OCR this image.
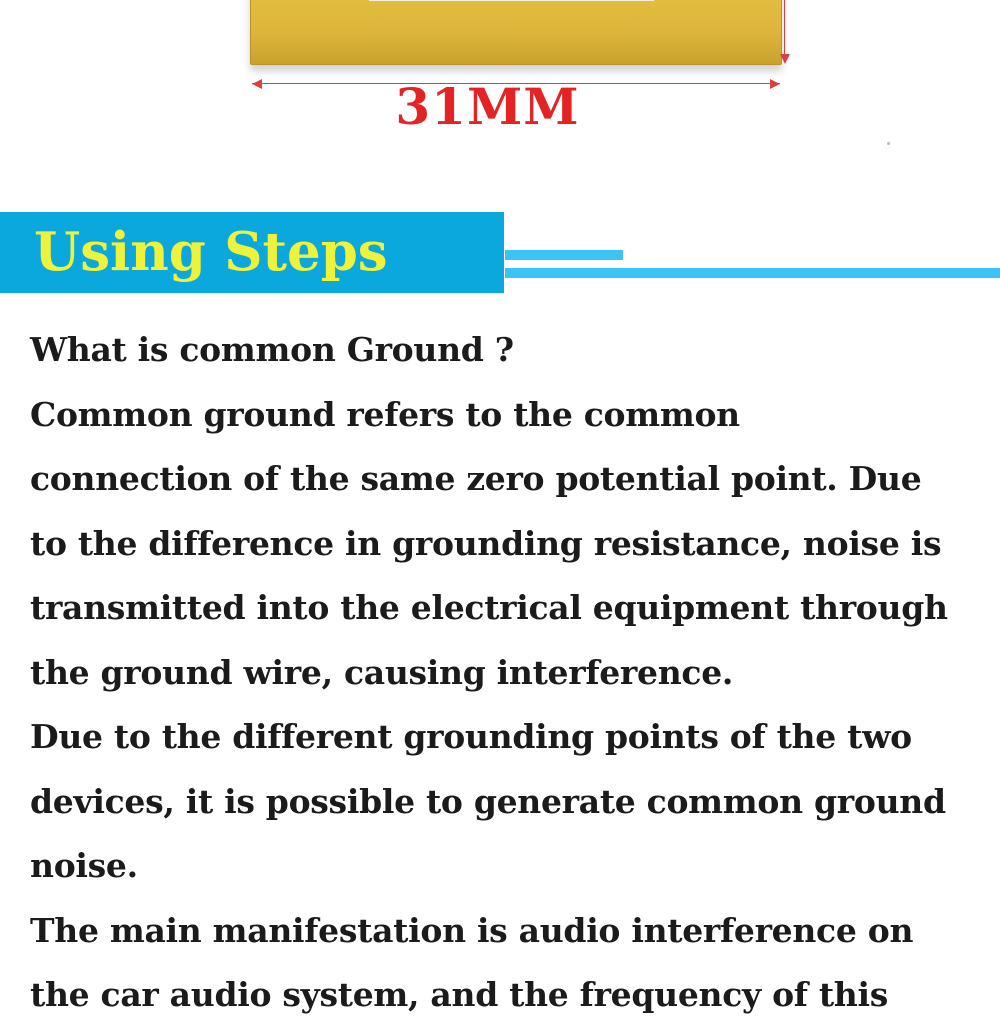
31MM
Using Steps

What is common Ground ?

Common ground refers to the common

connection of the same zero potential point. Due

to the difference in grounding resistance, noise is

transmitted into the electrical equipment through

the ground wire, causing interference.

Due to the different grounding points of the two

devices, it is possible to generate common ground

noise.

The main manifestation is audio interference on

the car audio system, and the frequency of this
